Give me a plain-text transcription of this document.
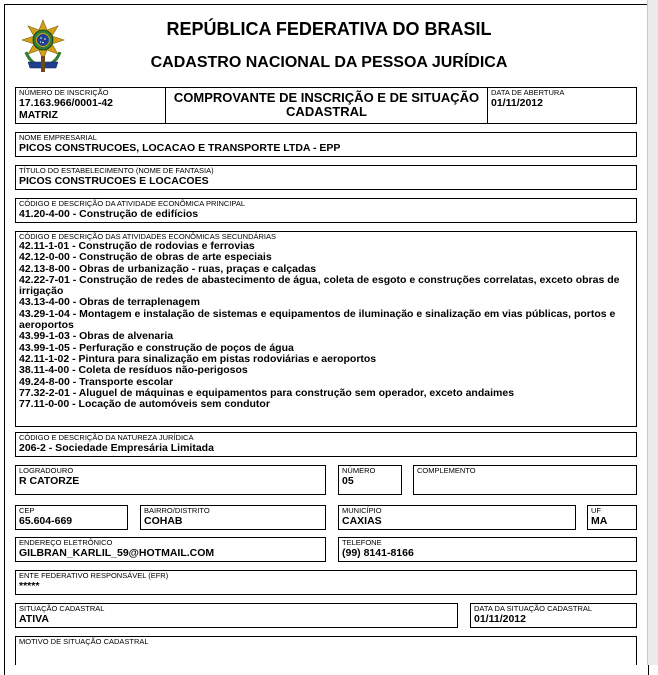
REPÚBLICA FEDERATIVA DO BRASIL
CADASTRO NACIONAL DA PESSOA JURÍDICA
NÚMERO DE INSCRIÇÃO
17.163.966/0001-42
MATRIZ
COMPROVANTE DE INSCRIÇÃO E DE SITUAÇÃO
CADASTRAL
DATA DE ABERTURA
01/11/2012
NOME EMPRESARIAL
PICOS CONSTRUCOES, LOCACAO E TRANSPORTE LTDA - EPP
TÍTULO DO ESTABELECIMENTO (NOME DE FANTASIA)
PICOS CONSTRUCOES E LOCACOES
CÓDIGO E DESCRIÇÃO DA ATIVIDADE ECONÔMICA PRINCIPAL
41.20-4-00 - Construção de edifícios
CÓDIGO E DESCRIÇÃO DAS ATIVIDADES ECONÔMICAS SECUNDÁRIAS
42.11-1-01 - Construção de rodovias e ferrovias
42.12-0-00 - Construção de obras de arte especiais
42.13-8-00 - Obras de urbanização - ruas, praças e calçadas
42.22-7-01 - Construção de redes de abastecimento de água, coleta de esgoto e construções correlatas, exceto obras de irrigação
43.13-4-00 - Obras de terraplenagem
43.29-1-04 - Montagem e instalação de sistemas e equipamentos de iluminação e sinalização em vias públicas, portos e aeroportos
43.99-1-03 - Obras de alvenaria
43.99-1-05 - Perfuração e construção de poços de água
42.11-1-02 - Pintura para sinalização em pistas rodoviárias e aeroportos
38.11-4-00 - Coleta de resíduos não-perigosos
49.24-8-00 - Transporte escolar
77.32-2-01 - Aluguel de máquinas e equipamentos para construção sem operador, exceto andaimes
77.11-0-00 - Locação de automóveis sem condutor
CÓDIGO E DESCRIÇÃO DA NATUREZA JURÍDICA
206-2 - Sociedade Empresária Limitada
LOGRADOURO
R CATORZE
NÚMERO
05
COMPLEMENTO
CEP
65.604-669
BAIRRO/DISTRITO
COHAB
MUNICÍPIO
CAXIAS
UF
MA
ENDEREÇO ELETRÔNICO
GILBRAN_KARLIL_59@HOTMAIL.COM
TELEFONE
(99) 8141-8166
ENTE FEDERATIVO RESPONSÁVEL (EFR)
*****
SITUAÇÃO CADASTRAL
ATIVA
DATA DA SITUAÇÃO CADASTRAL
01/11/2012
MOTIVO DE SITUAÇÃO CADASTRAL
